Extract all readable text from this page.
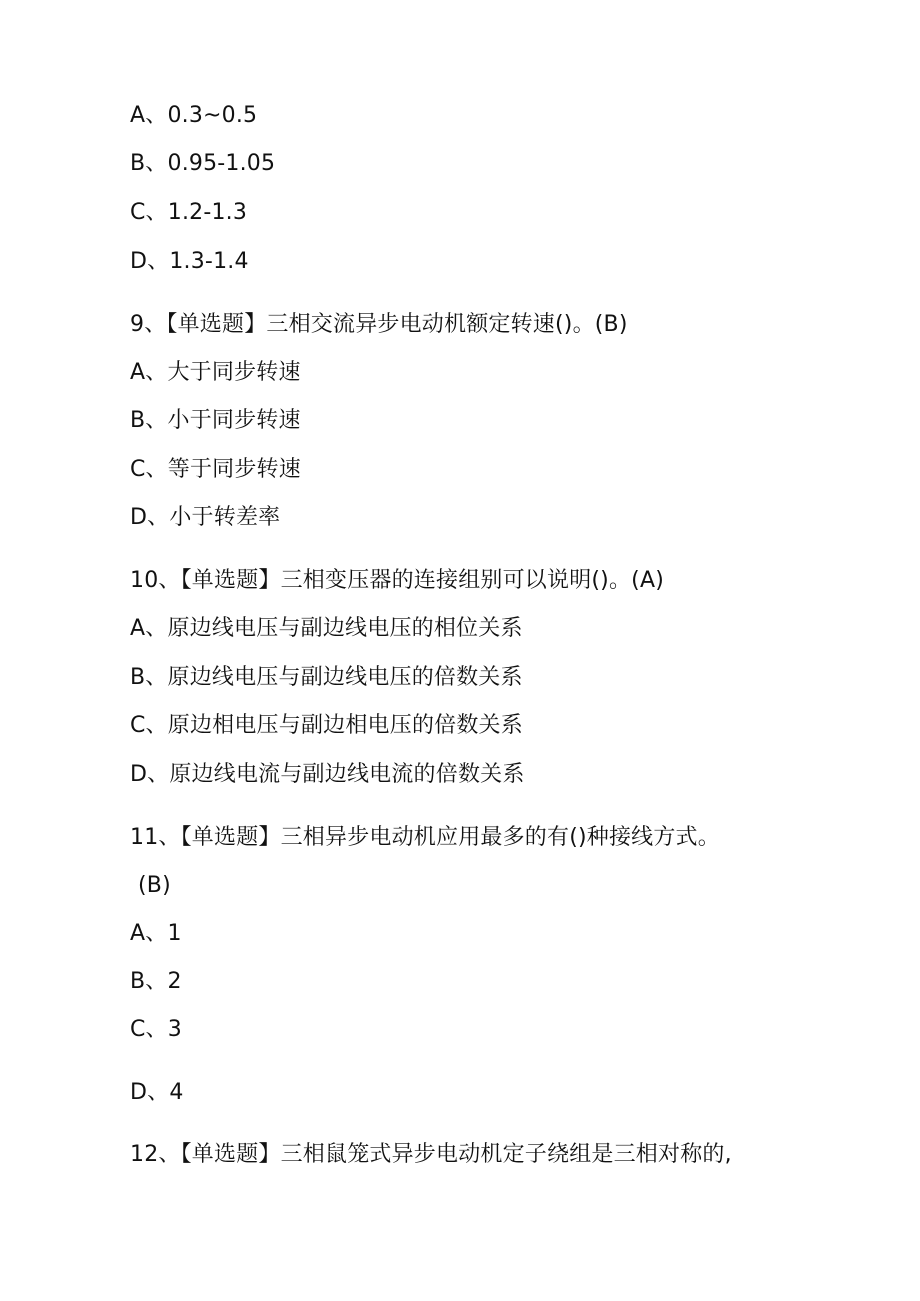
A、0.3~0.5
B、0.95-1.05
C、1.2-1.3
D、1.3-1.4
9、【单选题】三相交流异步电动机额定转速()。(B)
A、大于同步转速
B、小于同步转速
C、等于同步转速
D、小于转差率
10、【单选题】三相变压器的连接组别可以说明()。(A)
A、原边线电压与副边线电压的相位关系
B、原边线电压与副边线电压的倍数关系
C、原边相电压与副边相电压的倍数关系
D、原边线电流与副边线电流的倍数关系
11、【单选题】三相异步电动机应用最多的有()种接线方式。
(B)
A、1
B、2
C、3
D、4
12、【单选题】三相鼠笼式异步电动机定子绕组是三相对称的,
